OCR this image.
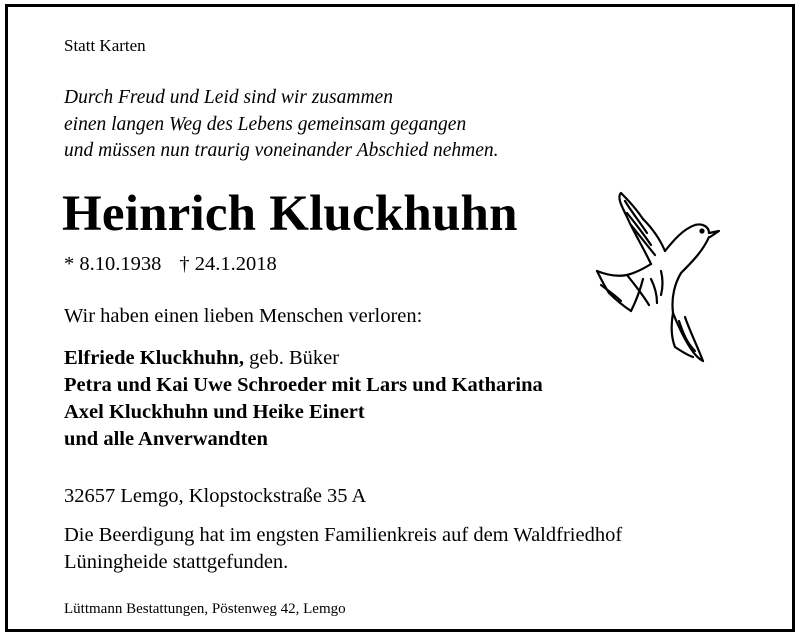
Statt Karten

Durch Freud und Leid sind wir zusammen
einen langen Weg des Lebens gemeinsam gegangen
und müssen nun traurig voneinander Abschied nehmen.
Heinrich Kluckhuhn
* 8.10.1938 † 24.1.2018

Wir haben einen lieben Menschen verloren:

Elfriede Kluckhuhn, geb. Büker
Petra und Kai Uwe Schroeder mit Lars und Katharina
Axel Kluckhuhn und Heike Einert
und alle Anverwandten

32657 Lemgo, Klopstockstraße 35 A

Die Beerdigung hat im engsten Familienkreis auf dem Waldfriedhof
Lüningheide stattgefunden.

Lüttmann Bestattungen, Pöstenweg 42, Lemgo
